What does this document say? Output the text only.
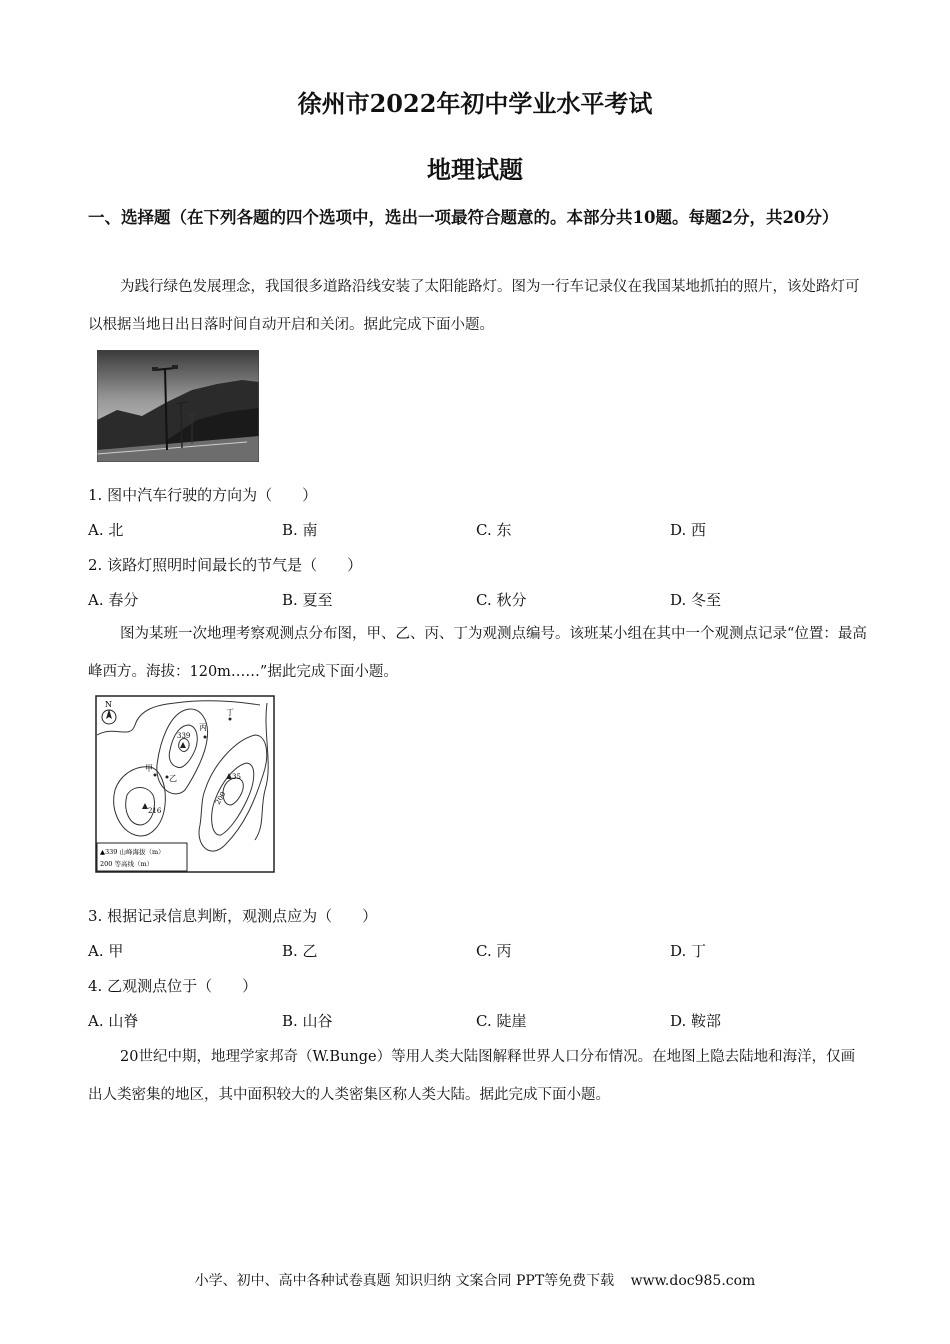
徐州市2022年初中学业水平考试
地理试题
一、选择题（在下列各题的四个选项中，选出一项最符合题意的。本部分共10题。每题2分，共20分）
为践行绿色发展理念，我国很多道路沿线安装了太阳能路灯。图为一行车记录仪在我国某地抓拍的照片，该处路灯可以根据当地日出日落时间自动开启和关闭。据此完成下面小题。
1. 图中汽车行驶的方向为（　　）
A. 北	B. 南	C. 东	D. 西
2. 该路灯照明时间最长的节气是（　　）
A. 春分	B. 夏至	C. 秋分	D. 冬至
图为某班一次地理考察观测点分布图，甲、乙、丙、丁为观测点编号。该班某小组在其中一个观测点记录“位置：最高峰西方。海拔：120m……”据此完成下面小题。
N
339
216
35
200
丙
丁
甲
乙
▲339 山峰海拔（m）
200 等高线（m）
3. 根据记录信息判断，观测点应为（　　）
A. 甲	B. 乙	C. 丙	D. 丁
4. 乙观测点位于（　　）
A. 山脊	B. 山谷	C. 陡崖	D. 鞍部
20世纪中期，地理学家邦奇（W.Bunge）等用人类大陆图解释世界人口分布情况。在地图上隐去陆地和海洋，仅画出人类密集的地区，其中面积较大的人类密集区称人类大陆。据此完成下面小题。
小学、初中、高中各种试卷真题 知识归纳 文案合同 PPT等免费下载 www.doc985.com
